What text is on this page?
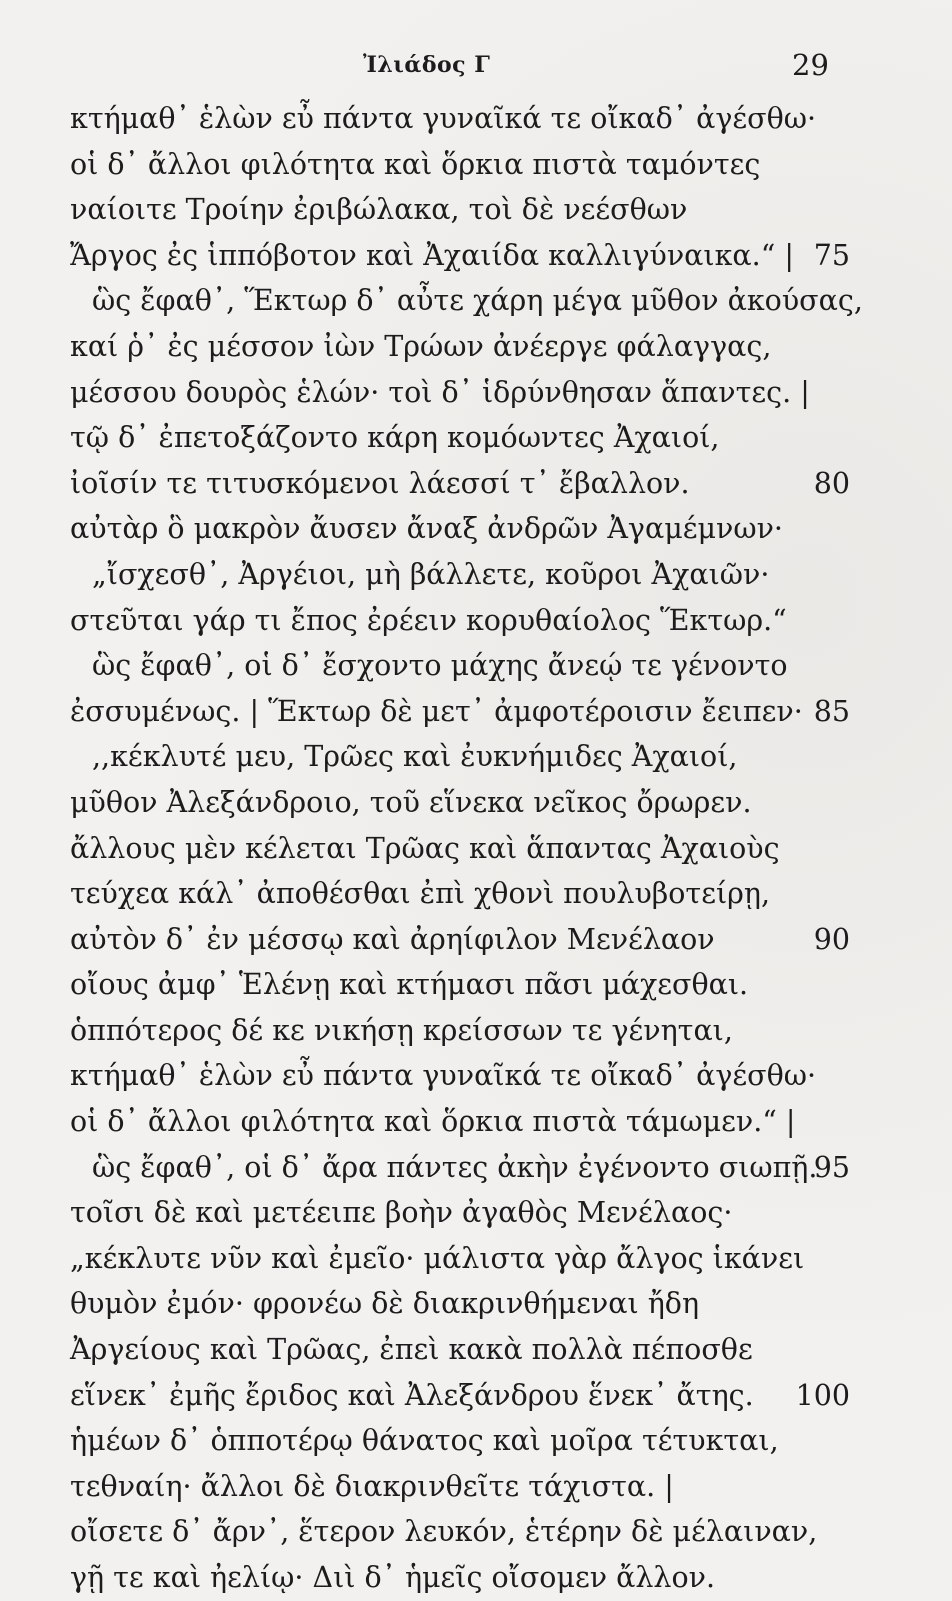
Ἰλιάδος Γ	29
κτήμαθ᾿ ἑλὼν εὖ πάντα γυναῖκά τε οἴκαδ᾿ ἀγέσθω·
οἱ δ᾿ ἄλλοι φιλότητα καὶ ὅρκια πιστὰ ταμόντες
ναίοιτε Τροίην ἐριβώλακα, τοὶ δὲ νεέσθων
Ἄργος ἐς ἱππόβοτον καὶ Ἀχαιίδα καλλιγύναικα.“ | 75
ὣς ἔφαθ᾿, Ἕκτωρ δ᾿ αὖτε χάρη μέγα μῦθον ἀκούσας,
καί ῥ᾿ ἐς μέσσον ἰὼν Τρώων ἀνέεργε φάλαγγας,
μέσσου δουρὸς ἑλών· τοὶ δ᾿ ἱδρύνθησαν ἅπαντες. |
τῷ δ᾿ ἐπετοξάζοντο κάρη κομόωντες Ἀχαιοί,
ἰοῖσίν τε τιτυσκόμενοι λάεσσί τ᾿ ἔβαλλον.	80
αὐτὰρ ὃ μακρὸν ἄυσεν ἄναξ ἀνδρῶν Ἀγαμέμνων·
„ἴσχεσθ᾿, Ἀργέιοι, μὴ βάλλετε, κοῦροι Ἀχαιῶν·
στεῦται γάρ τι ἔπος ἐρέειν κορυθαίολος Ἕκτωρ.“
ὣς ἔφαθ᾿, οἱ δ᾿ ἔσχοντο μάχης ἄνεῴ τε γένοντο
ἐσσυμένως. | Ἕκτωρ δὲ μετ᾿ ἀμφοτέροισιν ἔειπεν· 85
,,κέκλυτέ μευ, Τρῶες καὶ ἐυκνήμιδες Ἀχαιοί,
μῦθον Ἀλεξάνδροιο, τοῦ εἵνεκα νεῖκος ὄρωρεν.
ἄλλους μὲν κέλεται Τρῶας καὶ ἅπαντας Ἀχαιοὺς
τεύχεα κάλ᾿ ἀποθέσθαι ἐπὶ χθονὶ πουλυβοτείρῃ,
αὐτὸν δ᾿ ἐν μέσσῳ καὶ ἀρηίφιλον Μενέλαον	90
οἴους ἀμφ᾿ Ἑλένῃ καὶ κτήμασι πᾶσι μάχεσθαι.
ὁππότερος δέ κε νικήσῃ κρείσσων τε γένηται,
κτήμαθ᾿ ἑλὼν εὖ πάντα γυναῖκά τε οἴκαδ᾿ ἀγέσθω·
οἱ δ᾿ ἄλλοι φιλότητα καὶ ὅρκια πιστὰ τάμωμεν.“ |
ὣς ἔφαθ᾿, οἱ δ᾿ ἄρα πάντες ἀκὴν ἐγένοντο σιωπῇ.
95
τοῖσι δὲ καὶ μετέειπε βοὴν ἀγαθὸς Μενέλαος·
„κέκλυτε νῦν καὶ ἐμεῖο· μάλιστα γὰρ ἄλγος ἱκάνει
θυμὸν ἐμόν· φρονέω δὲ διακρινθήμεναι ἤδη
Ἀργείους καὶ Τρῶας, ἐπεὶ κακὰ πολλὰ πέποσθε
εἵνεκ᾿ ἐμῆς ἔριδος καὶ Ἀλεξάνδρου ἕνεκ᾿ ἄτης. 100
ἡμέων δ᾿ ὁπποτέρῳ θάνατος καὶ μοῖρα τέτυκται,
τεθναίη· ἄλλοι δὲ διακρινθεῖτε τάχιστα. |
οἴσετε δ᾿ ἄρν᾿, ἕτερον λευκόν, ἑτέρην δὲ μέλαιναν,
γῇ τε καὶ ἠελίῳ· Διὶ δ᾿ ἡμεῖς οἴσομεν ἄλλον.
